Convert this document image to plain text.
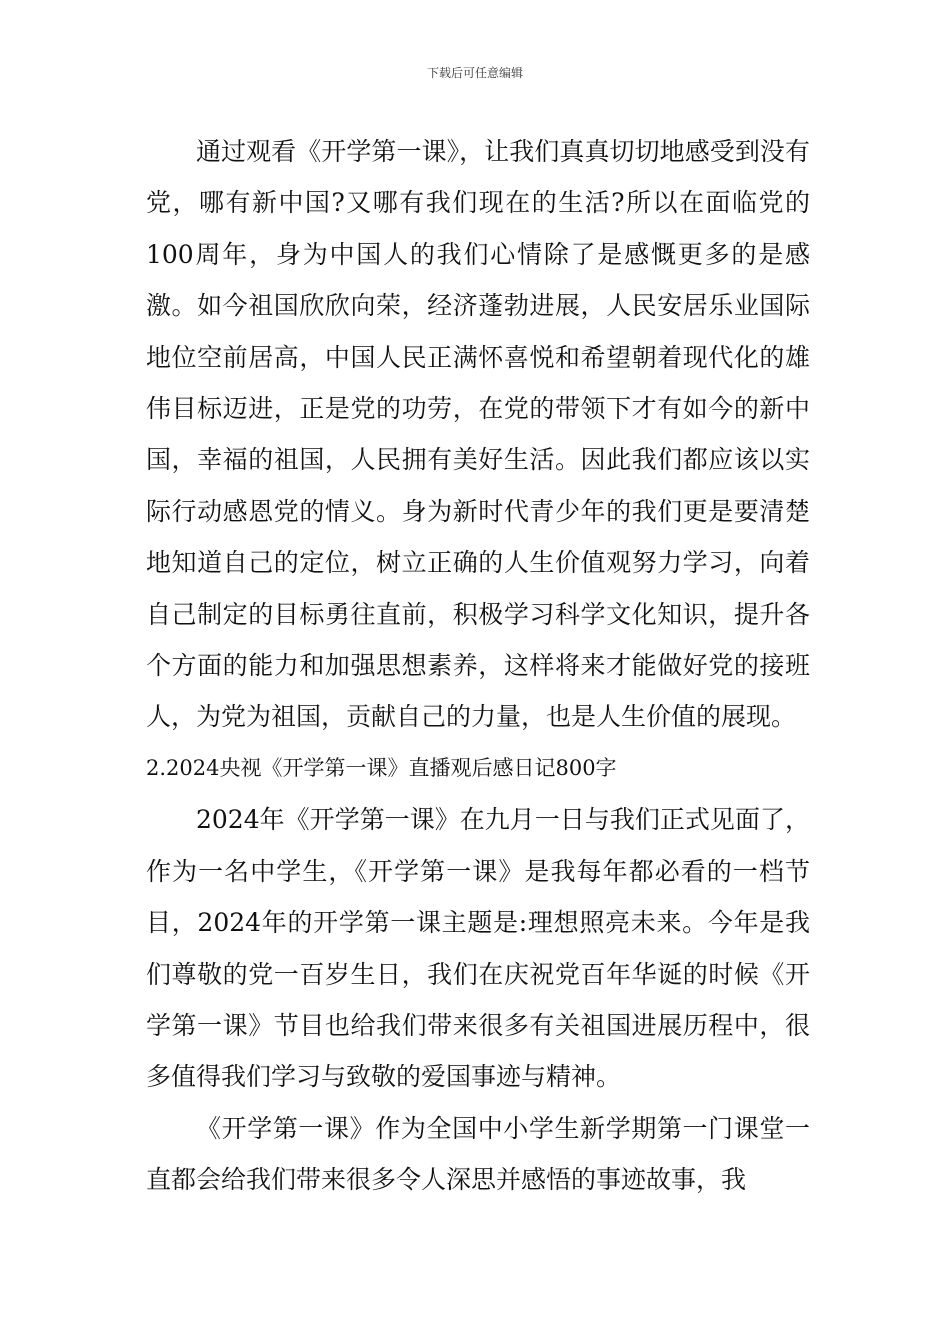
下载后可任意编辑

通过观看《开学第一课》，让我们真真切切地感受到没有党，哪有新中国?又哪有我们现在的生活?所以在面临党的100周年，身为中国人的我们心情除了是感慨更多的是感激。如今祖国欣欣向荣，经济蓬勃进展，人民安居乐业国际地位空前居高，中国人民正满怀喜悦和希望朝着现代化的雄伟目标迈进，正是党的功劳，在党的带领下才有如今的新中国，幸福的祖国，人民拥有美好生活。因此我们都应该以实际行动感恩党的情义。身为新时代青少年的我们更是要清楚地知道自己的定位，树立正确的人生价值观努力学习，向着自己制定的目标勇往直前，积极学习科学文化知识，提升各个方面的能力和加强思想素养，这样将来才能做好党的接班人，为党为祖国，贡献自己的力量，也是人生价值的展现。

2.2024央视《开学第一课》直播观后感日记800字

2024年《开学第一课》在九月一日与我们正式见面了，作为一名中学生，《开学第一课》是我每年都必看的一档节目，2024年的开学第一课主题是:理想照亮未来。今年是我们尊敬的党一百岁生日，我们在庆祝党百年华诞的时候《开学第一课》节目也给我们带来很多有关祖国进展历程中，很多值得我们学习与致敬的爱国事迹与精神。

《开学第一课》作为全国中小学生新学期第一门课堂一直都会给我们带来很多令人深思并感悟的事迹故事，我
